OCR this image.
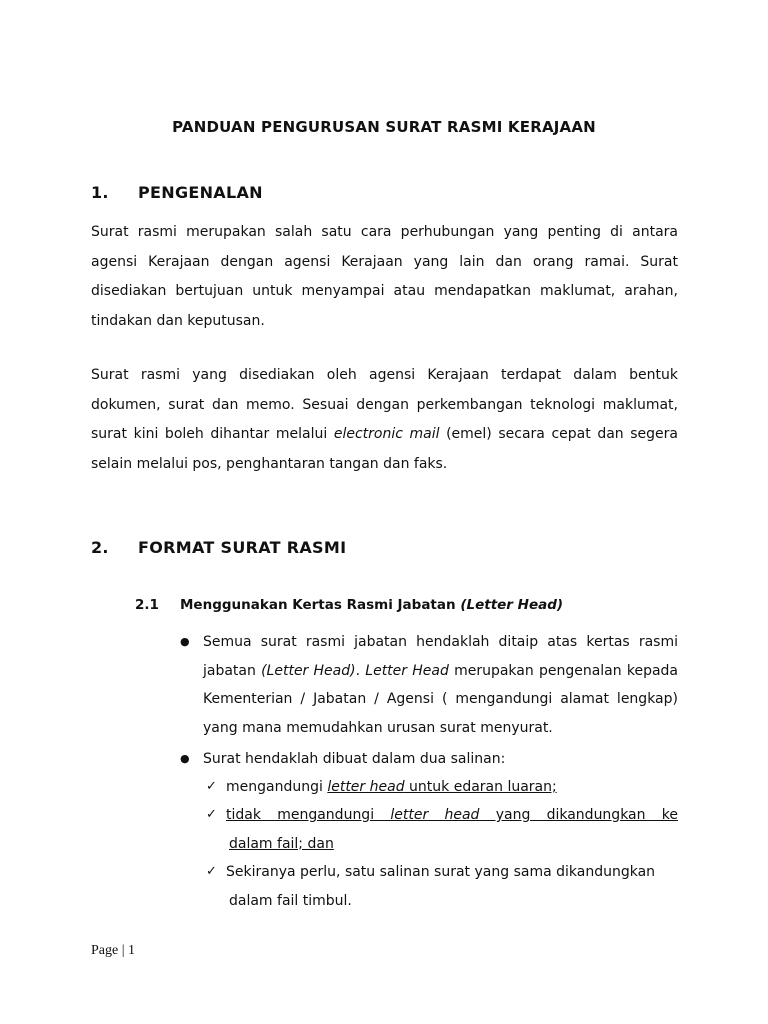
PANDUAN PENGURUSAN SURAT RASMI KERAJAAN
1. PENGENALAN
Surat rasmi merupakan salah satu cara perhubungan yang penting di antara agensi Kerajaan dengan agensi Kerajaan yang lain dan orang ramai. Surat disediakan bertujuan untuk menyampai atau mendapatkan maklumat, arahan, tindakan dan keputusan.
Surat rasmi yang disediakan oleh agensi Kerajaan terdapat dalam bentuk dokumen, surat dan memo. Sesuai dengan perkembangan teknologi maklumat, surat kini boleh dihantar melalui electronic mail (emel) secara cepat dan segera selain melalui pos, penghantaran tangan dan faks.
2. FORMAT SURAT RASMI
2.1 Menggunakan Kertas Rasmi Jabatan (Letter Head)
● Semua surat rasmi jabatan hendaklah ditaip atas kertas rasmi jabatan (Letter Head). Letter Head merupakan pengenalan kepada Kementerian / Jabatan / Agensi ( mengandungi alamat lengkap) yang mana memudahkan urusan surat menyurat.
● Surat hendaklah dibuat dalam dua salinan:
✓ mengandungi letter head untuk edaran luaran;
✓ tidak mengandungi letter head yang dikandungkan ke
dalam fail; dan
✓ Sekiranya perlu, satu salinan surat yang sama dikandungkan
dalam fail timbul.
Page | 1
